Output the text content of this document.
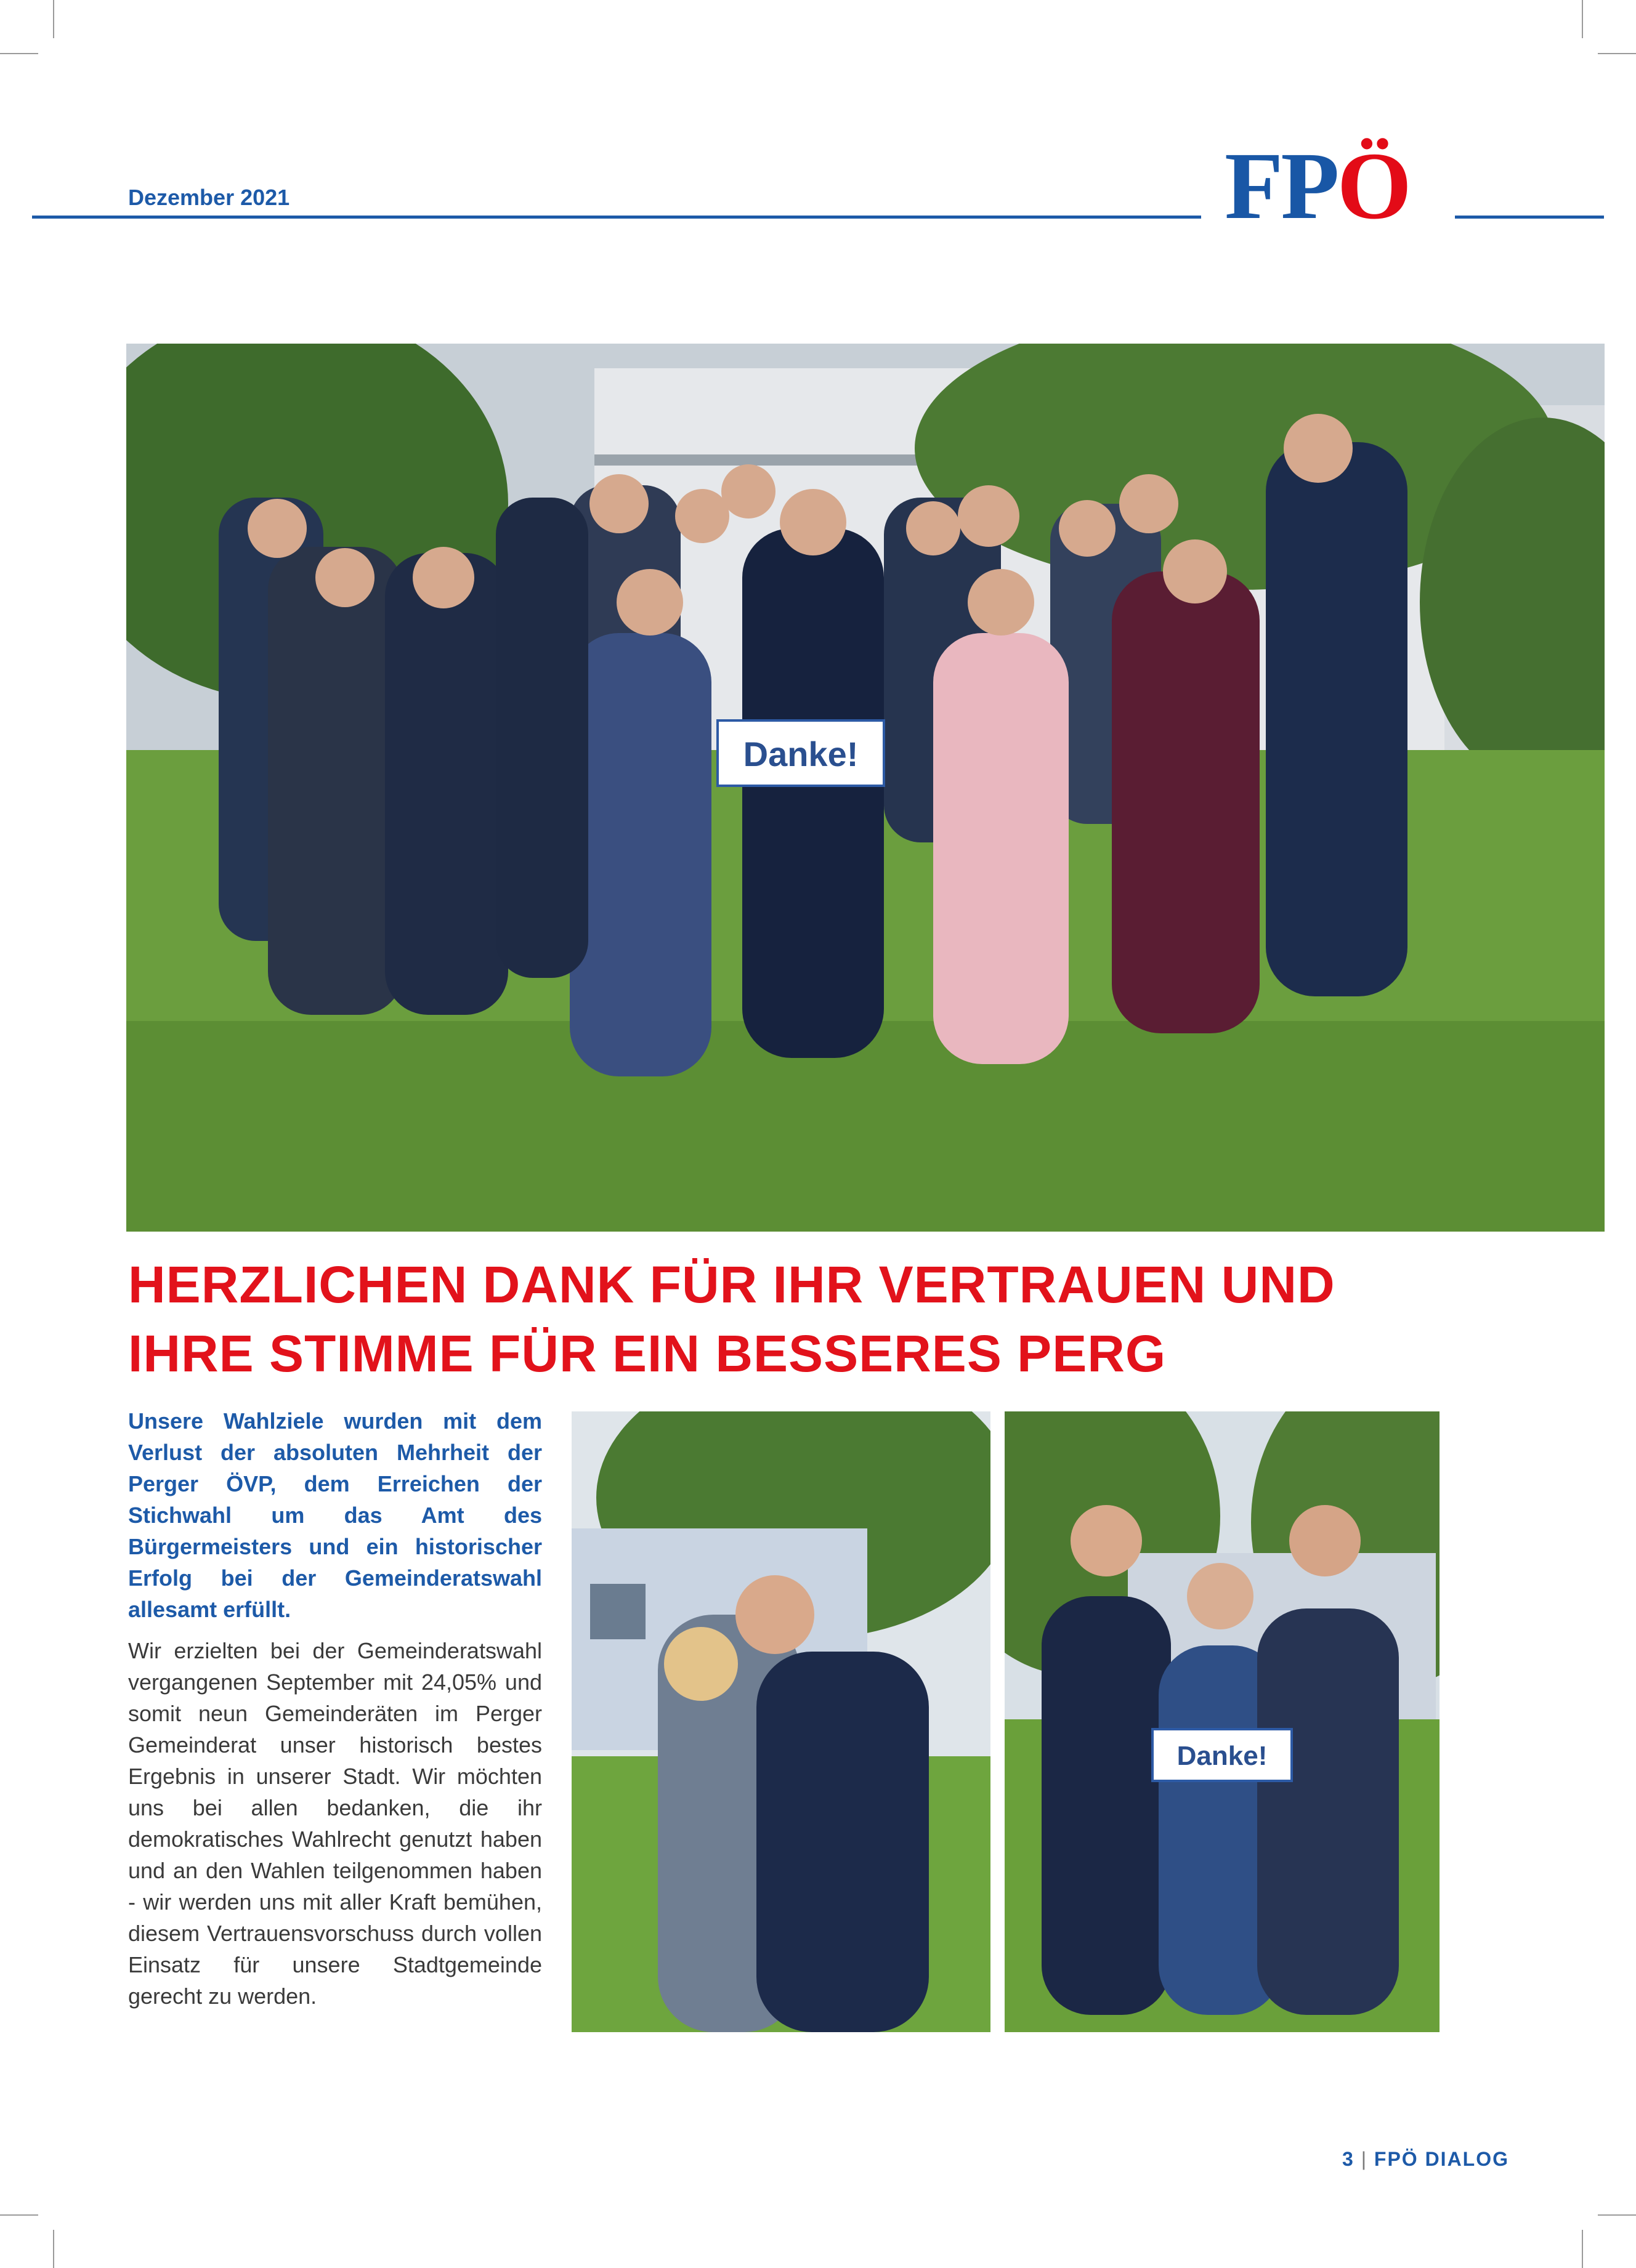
Dezember 2021	FPÖ
Danke!
HERZLICHEN DANK FÜR IHR VERTRAUEN UND
IHRE STIMME FÜR EIN BESSERES PERG
Unsere Wahlziele wurden mit dem Verlust der absoluten Mehrheit der Perger ÖVP, dem Erreichen der Stichwahl um das Amt des Bürgermeisters und ein historischer Erfolg bei der Gemeinderatswahl allesamt erfüllt.
Wir erzielten bei der Gemeinderatswahl vergangenen September mit 24,05% und somit neun Gemeinderäten im Perger Gemeinderat unser historisch bestes Ergebnis in unserer Stadt. Wir möchten uns bei allen bedanken, die ihr demokratisches Wahlrecht genutzt haben und an den Wahlen teilgenommen haben - wir werden uns mit aller Kraft bemühen, diesem Vertrauensvorschuss durch vollen Einsatz für unsere Stadtgemeinde gerecht zu werden.
Danke!
3 | FPÖ DIALOG
